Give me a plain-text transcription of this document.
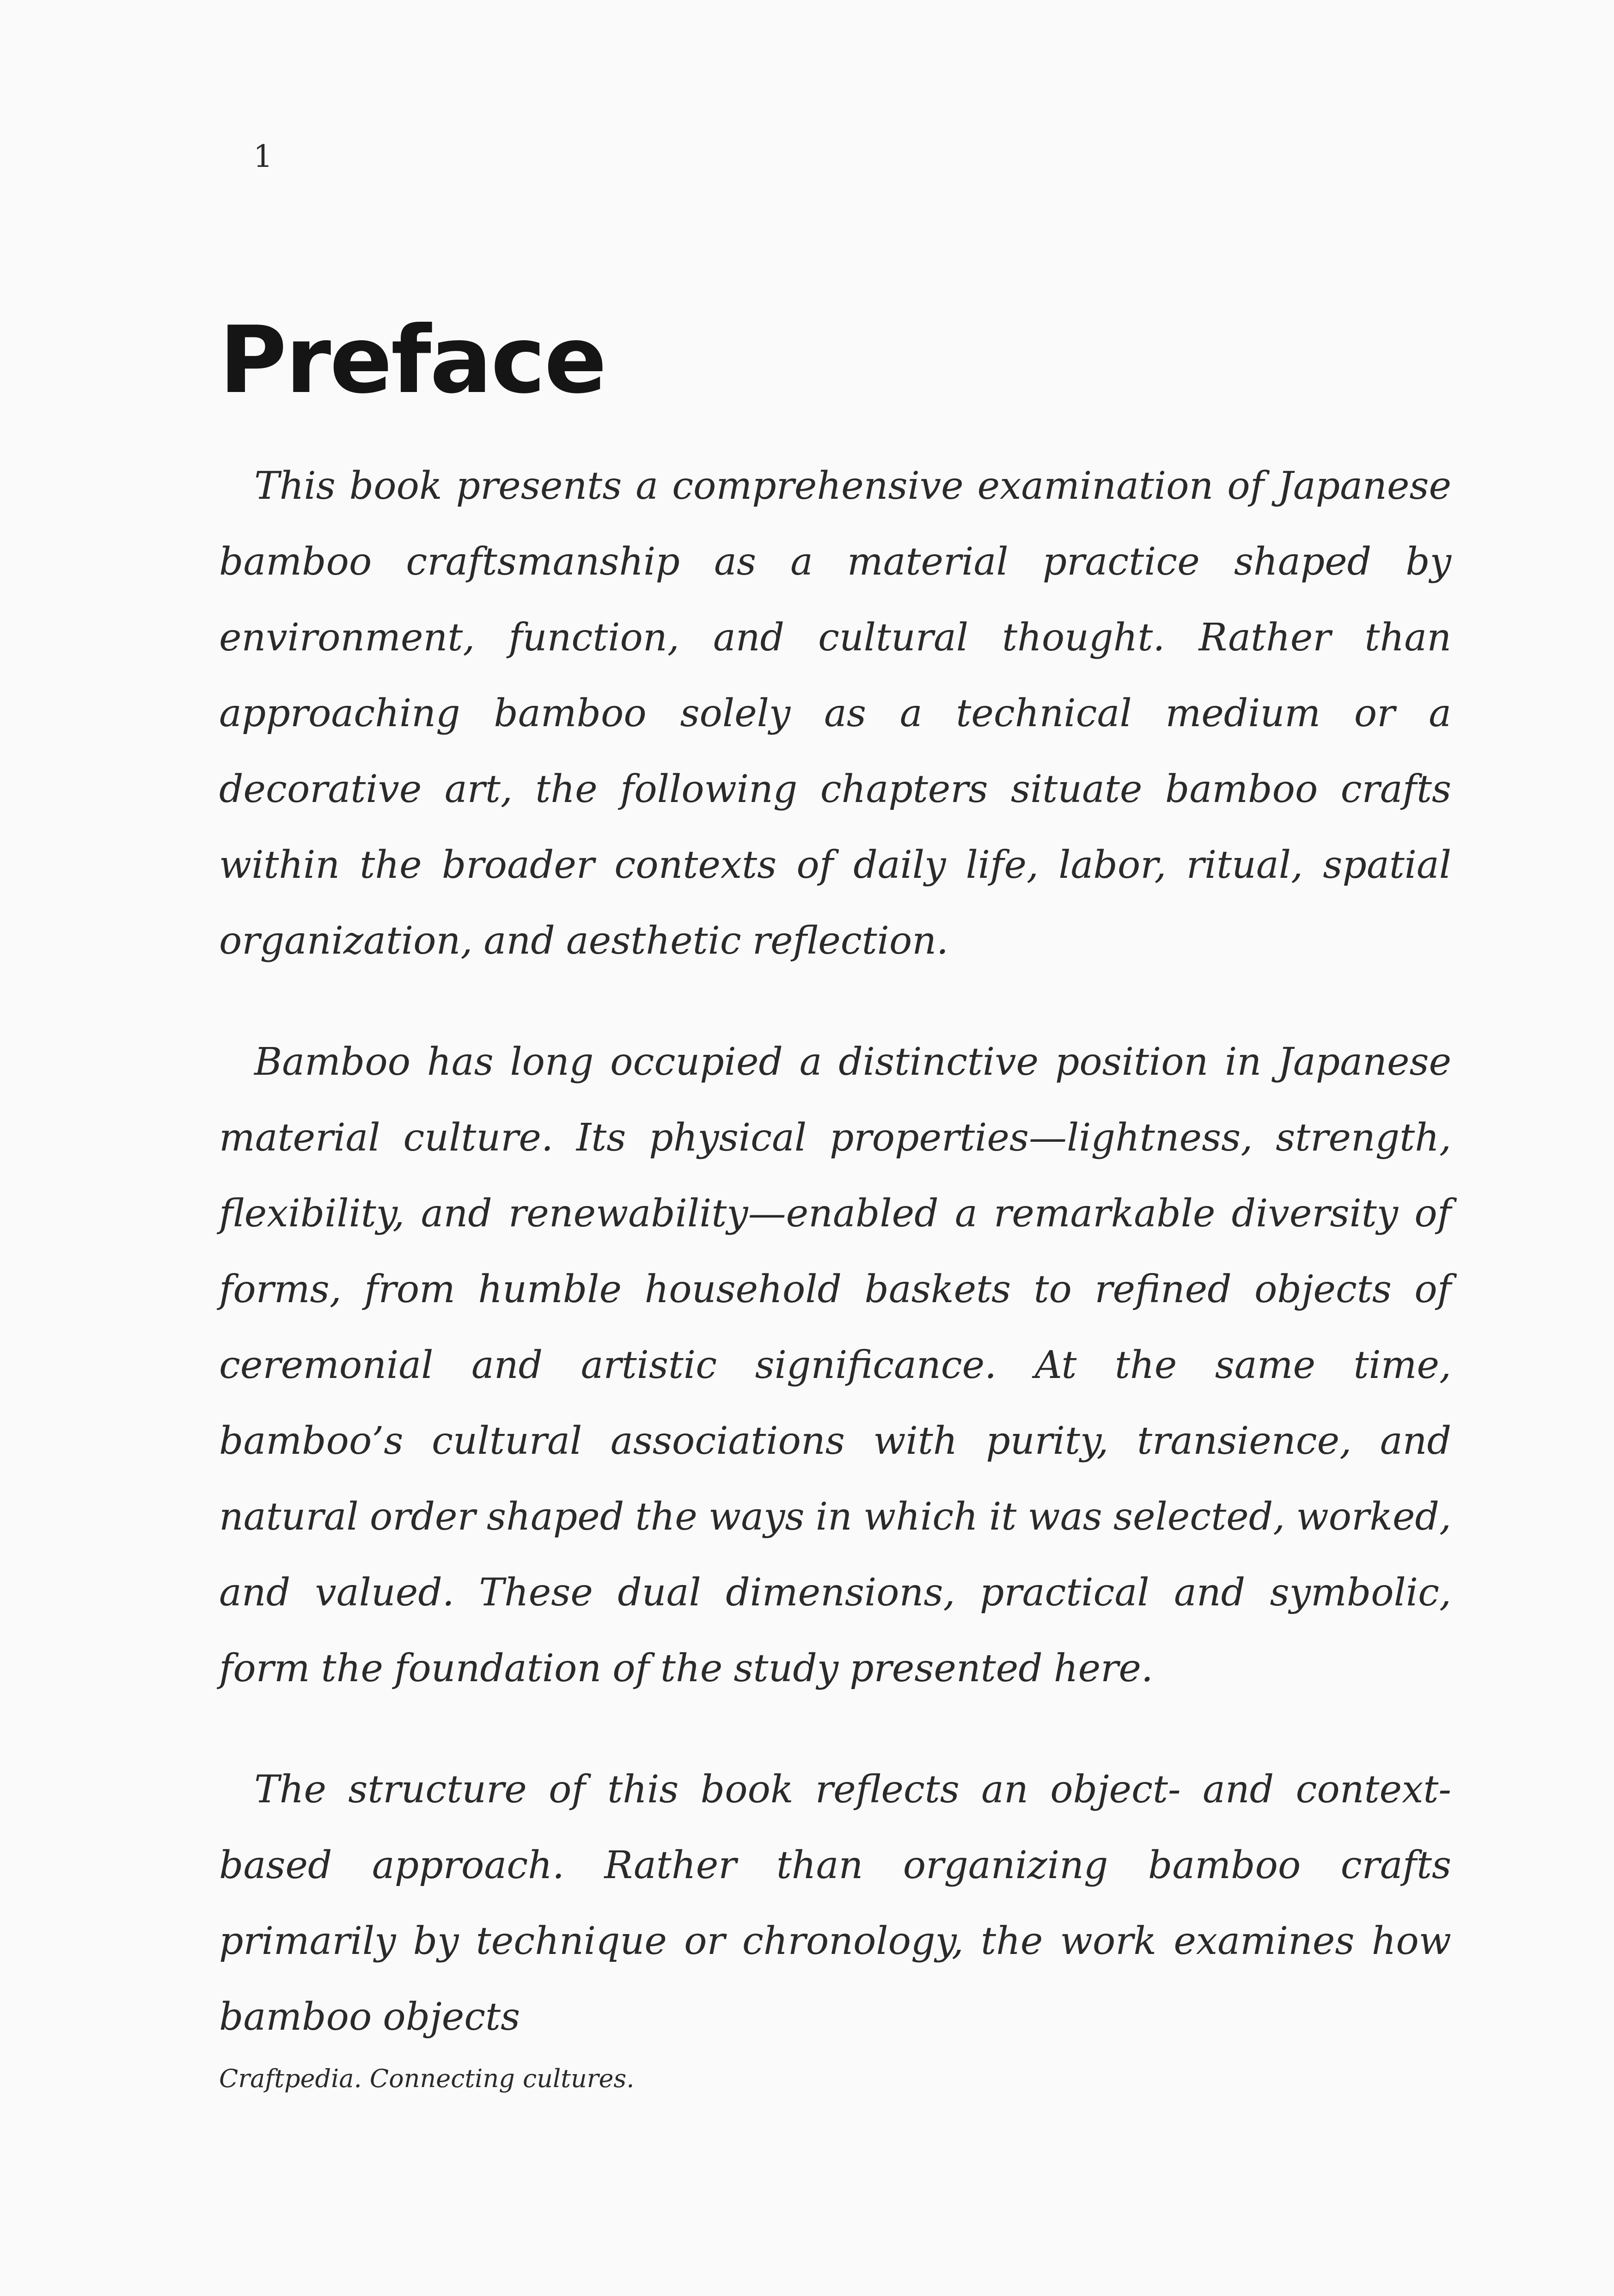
1
Preface

This book presents a comprehensive examination of Japanese bamboo craftsmanship as a material practice shaped by environment, function, and cultural thought. Rather than approaching bamboo solely as a technical medium or a decorative art, the following chapters situate bamboo crafts within the broader contexts of daily life, labor, ritual, spatial organization, and aesthetic reflection.

Bamboo has long occupied a distinctive position in Japanese material culture. Its physical properties—lightness, strength, flexibility, and renewability—enabled a remarkable diversity of forms, from humble household baskets to refined objects of ceremonial and artistic significance. At the same time, bamboo’s cultural associations with purity, transience, and natural order shaped the ways in which it was selected, worked, and valued. These dual dimensions, practical and symbolic, form the foundation of the study presented here.

The structure of this book reflects an object- and context-based approach. Rather than organizing bamboo crafts primarily by technique or chronology, the work examines how bamboo objects

Craftpedia. Connecting cultures.
